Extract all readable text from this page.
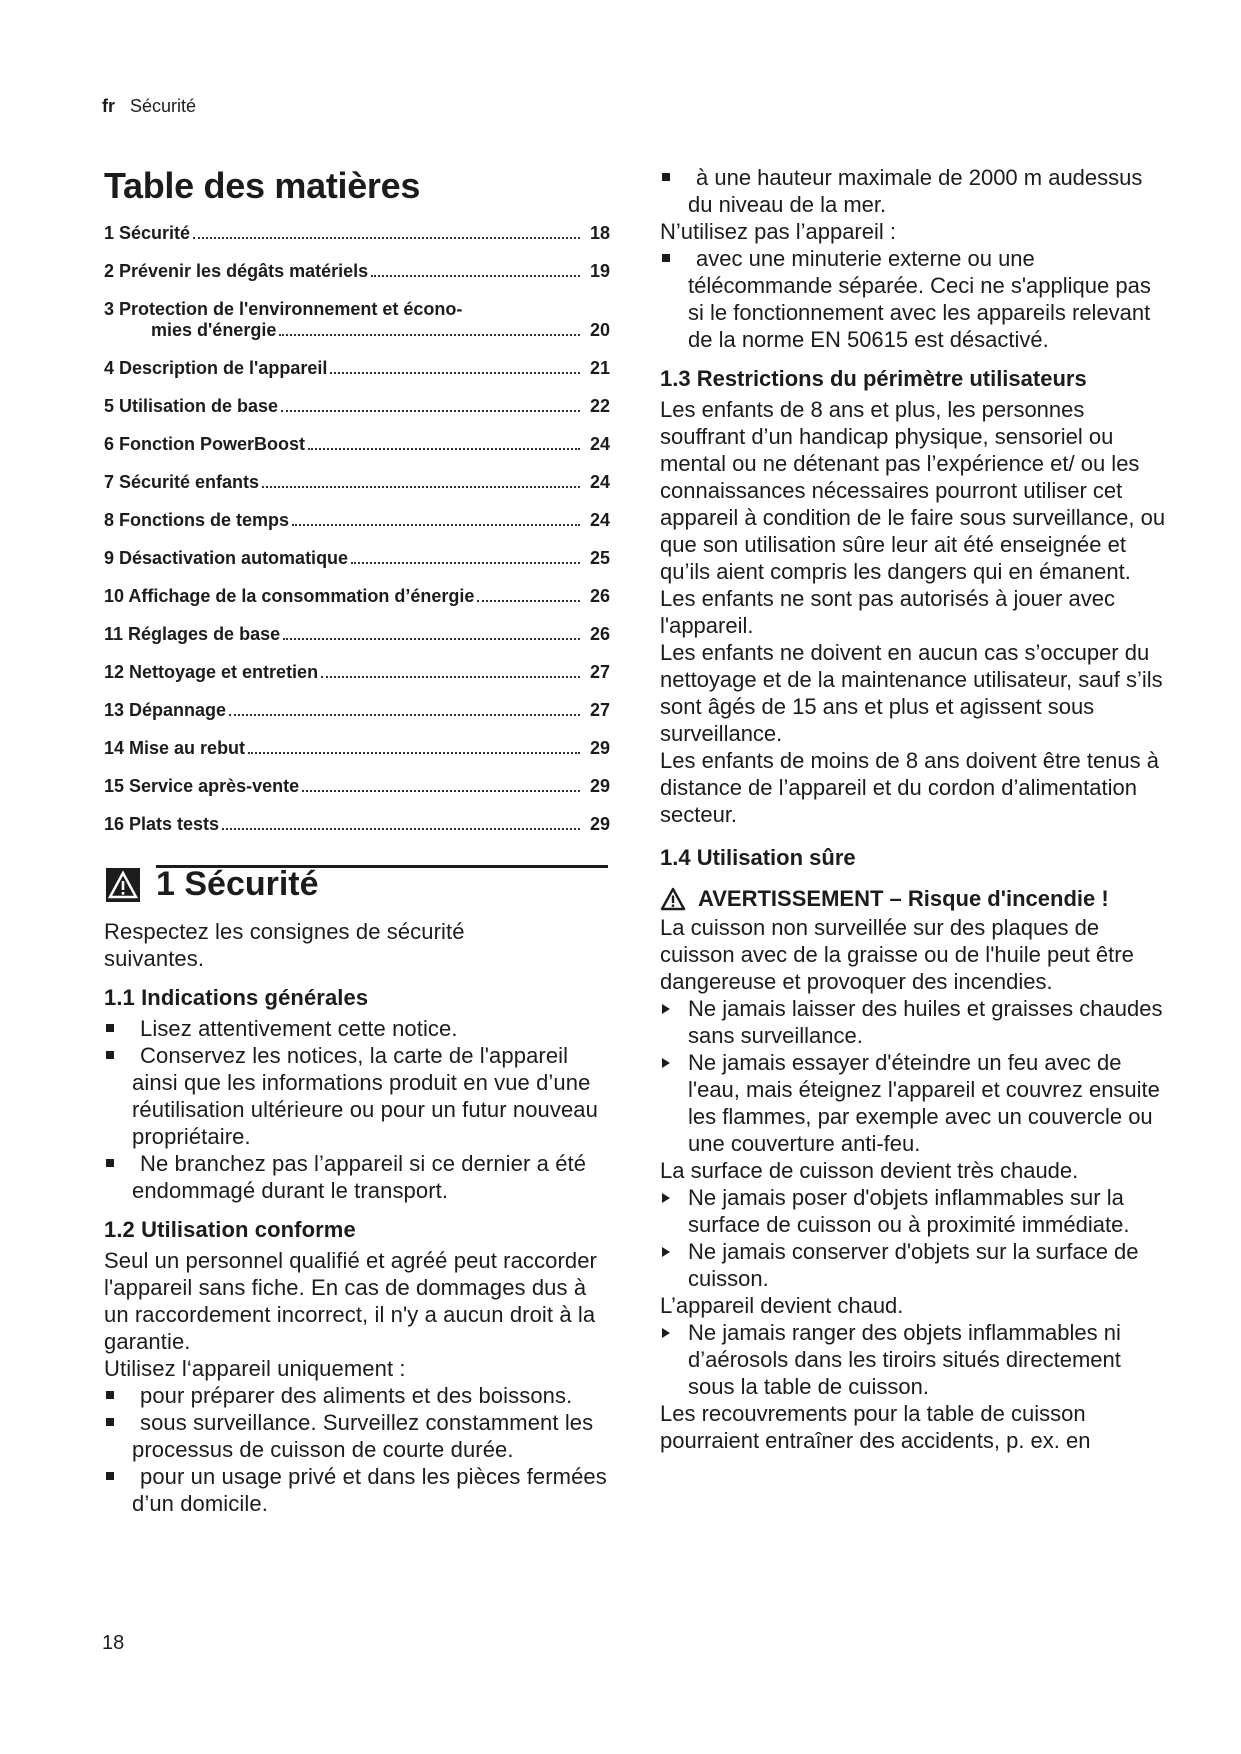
fr Sécurité
Table des matières
1 Sécurité	18
2 Prévenir les dégâts matériels	19
3 Protection de l'environnement et écono-
mies d'énergie	20
4 Description de l'appareil	21
5 Utilisation de base	22
6 Fonction PowerBoost	24
7 Sécurité enfants	24
8 Fonctions de temps	24
9 Désactivation automatique	25
10 Affichage de la consommation d’énergie	26
11 Réglages de base	26
12 Nettoyage et entretien	27
13 Dépannage	27
14 Mise au rebut	29
15 Service après-vente	29
16 Plats tests	29
1 Sécurité

Respectez les consignes de sécurité suivantes.

1.1 Indications générales
Lisez attentivement cette notice.
Conservez les notices, la carte de l'appareil ainsi que les informations produit en vue d’une réutilisation ultérieure ou pour un futur nouveau propriétaire.
Ne branchez pas l’appareil si ce dernier a été endommagé durant le transport.
1.2 Utilisation conforme

Seul un personnel qualifié et agréé peut raccorder l'appareil sans fiche. En cas de dommages dus à un raccordement incorrect, il n'y a aucun droit à la garantie.

Utilisez l‘appareil uniquement :

pour préparer des aliments et des boissons.
sous surveillance. Surveillez constamment les processus de cuisson de courte durée.
pour un usage privé et dans les pièces fermées d’un domicile.
à une hauteur maximale de 2000 m audessus du niveau de la mer.

N’utilisez pas l’appareil :

avec une minuterie externe ou une télécommande séparée. Ceci ne s'applique pas si le fonctionnement avec les appareils relevant de la norme EN 50615 est désactivé.
1.3 Restrictions du périmètre utilisateurs

Les enfants de 8 ans et plus, les personnes souffrant d’un handicap physique, sensoriel ou mental ou ne détenant pas l’expérience et/ ou les connaissances nécessaires pourront utiliser cet appareil à condition de le faire sous surveillance, ou que son utilisation sûre leur ait été enseignée et qu’ils aient compris les dangers qui en émanent.

Les enfants ne sont pas autorisés à jouer avec l'appareil.

Les enfants ne doivent en aucun cas s’occuper du nettoyage et de la maintenance utilisateur, sauf s’ils sont âgés de 15 ans et plus et agissent sous surveillance.

Les enfants de moins de 8 ans doivent être tenus à distance de l’appareil et du cordon d’alimentation secteur.

1.4 Utilisation sûre
AVERTISSEMENT – Risque d'incendie !

La cuisson non surveillée sur des plaques de cuisson avec de la graisse ou de l'huile peut être dangereuse et provoquer des incendies.

Ne jamais laisser des huiles et graisses chaudes sans surveillance.
Ne jamais essayer d'éteindre un feu avec de l'eau, mais éteignez l'appareil et couvrez ensuite les flammes, par exemple avec un couvercle ou une couverture anti-feu.

La surface de cuisson devient très chaude.

Ne jamais poser d'objets inflammables sur la surface de cuisson ou à proximité immédiate.
Ne jamais conserver d'objets sur la surface de cuisson.

L’appareil devient chaud.

Ne jamais ranger des objets inflammables ni d’aérosols dans les tiroirs situés directement sous la table de cuisson.

Les recouvrements pour la table de cuisson pourraient entraîner des accidents, p. ex. en

18
